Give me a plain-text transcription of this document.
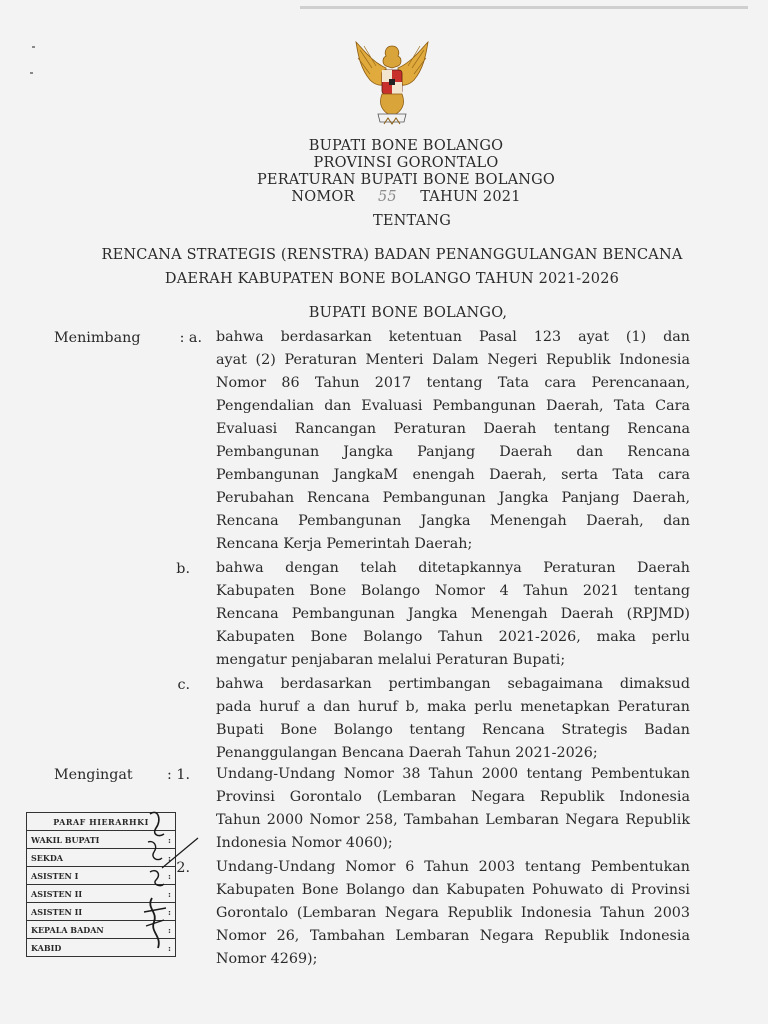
BUPATI BONE BOLANGO
PROVINSI GORONTALO
PERATURAN BUPATI BONE BOLANGO
NOMOR 55 TAHUN 2021
TENTANG
RENCANA STRATEGIS (RENSTRA) BADAN PENANGGULANGAN BENCANA
DAERAH KABUPATEN BONE BOLANGO TAHUN 2021-2026
BUPATI BONE BOLANGO,
Menimbang	: a. bahwa berdasarkan ketentuan Pasal 123 ayat (1) dan
ayat (2) Peraturan Menteri Dalam Negeri Republik Indonesia
Nomor 86 Tahun 2017 tentang Tata cara Perencanaan,
Pengendalian dan Evaluasi Pembangunan Daerah, Tata Cara
Evaluasi Rancangan Peraturan Daerah tentang Rencana
Pembangunan Jangka Panjang Daerah dan Rencana
Pembangunan JangkaM enengah Daerah, serta Tata cara
Perubahan Rencana Pembangunan Jangka Panjang Daerah,
Rencana Pembangunan Jangka Menengah Daerah, dan
Rencana Kerja Pemerintah Daerah;
b. bahwa dengan telah ditetapkannya Peraturan Daerah
Kabupaten Bone Bolango Nomor 4 Tahun 2021 tentang
Rencana Pembangunan Jangka Menengah Daerah (RPJMD)
Kabupaten Bone Bolango Tahun 2021-2026, maka perlu
mengatur penjabaran melalui Peraturan Bupati;
c. bahwa berdasarkan pertimbangan sebagaimana dimaksud
pada huruf a dan huruf b, maka perlu menetapkan Peraturan
Bupati Bone Bolango tentang Rencana Strategis Badan
Penanggulangan Bencana Daerah Tahun 2021-2026;
Mengingat	: 1. Undang-Undang Nomor 38 Tahun 2000 tentang Pembentukan
Provinsi Gorontalo (Lembaran Negara Republik Indonesia
Tahun 2000 Nomor 258, Tambahan Lembaran Negara Republik
Indonesia Nomor 4060);
2. Undang-Undang Nomor 6 Tahun 2003 tentang Pembentukan
Kabupaten Bone Bolango dan Kabupaten Pohuwato di Provinsi
Gorontalo (Lembaran Negara Republik Indonesia Tahun 2003
Nomor 26, Tambahan Lembaran Negara Republik Indonesia
Nomor 4269);
PARAF HIERARHKI	
WAKIL BUPATI	:
SEKDA	:
ASISTEN I	:
ASISTEN II	:
ASISTEN II	:
KEPALA BADAN	:
KABID	:
